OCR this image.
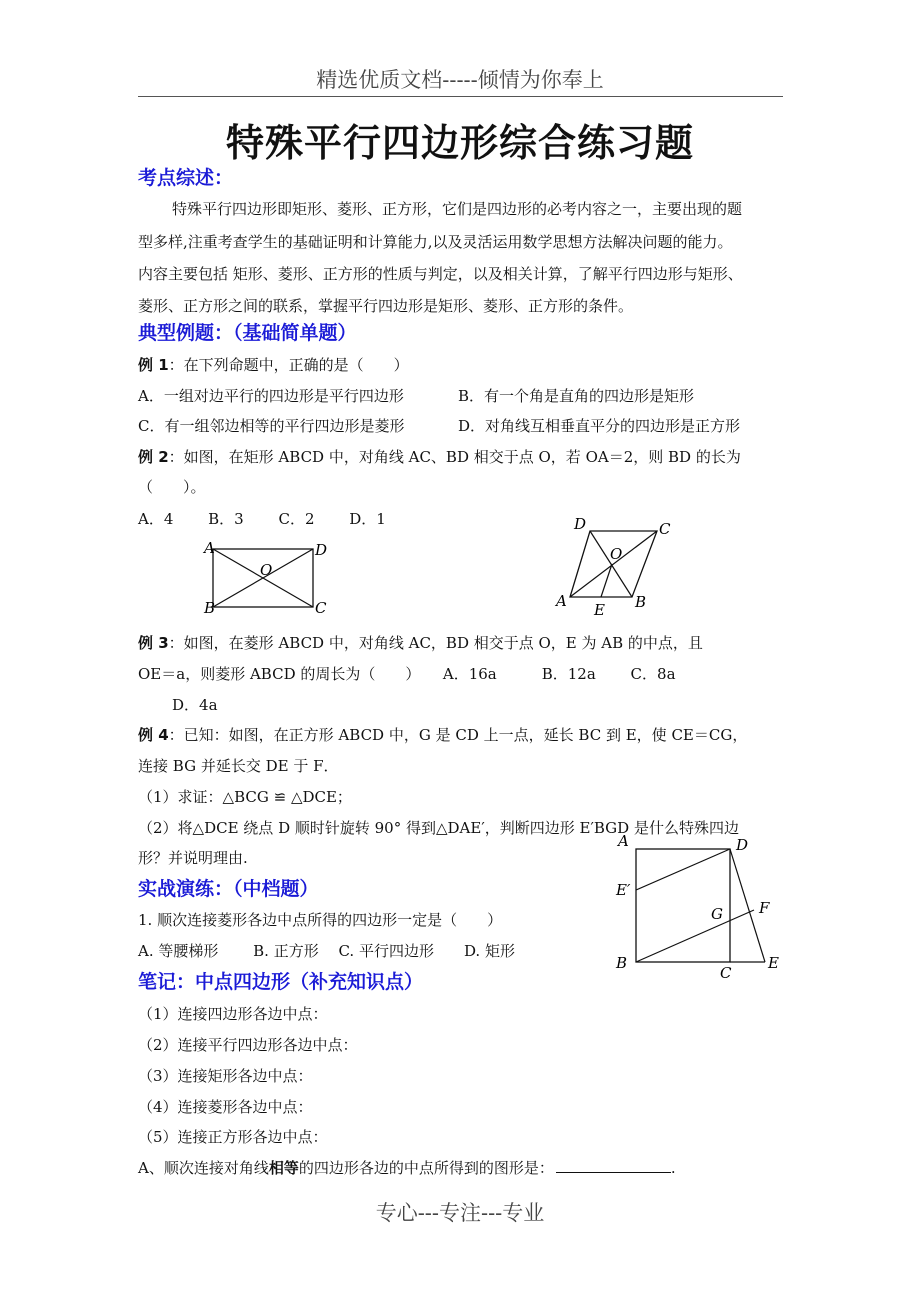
精选优质文档-----倾情为你奉上
特殊平行四边形综合练习题
考点综述：
特殊平行四边形即矩形、菱形、正方形，它们是四边形的必考内容之一，主要出现的题
型多样,注重考查学生的基础证明和计算能力,以及灵活运用数学思想方法解决问题的能力。
内容主要包括 矩形、菱形、正方形的性质与判定，以及相关计算，了解平行四边形与矩形、
菱形、正方形之间的联系，掌握平行四边形是矩形、菱形、正方形的条件。
典型例题：（基础简单题）
例 1：在下列命题中，正确的是（　　）
A．一组对边平行的四边形是平行四边形	B．有一个角是直角的四边形是矩形
C．有一组邻边相等的平行四边形是菱形	D．对角线互相垂直平分的四边形是正方形
例 2：如图，在矩形 ABCD 中，对角线 AC、BD 相交于点 O，若 OA＝2，则 BD 的长为
（　　）。
A．4　　 B．3　　 C．2　　 D．1
A	D
O
B	C
D	C
O
A	B
E
例 3：如图，在菱形 ABCD 中，对角线 AC，BD 相交于点 O，E 为 AB 的中点，且
OE＝a，则菱形 ABCD 的周长为（　　）　　A．16a　　　B．12a　　 C．8a
D．4a
例 4：已知：如图，在正方形 ABCD 中，G 是 CD 上一点，延长 BC 到 E，使 CE＝CG，
连接 BG 并延长交 DE 于 F．
（1）求证：△BCG ≌ △DCE；
（2）将△DCE 绕点 D 顺时针旋转 90° 得到△DAE′，判断四边形 E′BGD 是什么特殊四边
形？并说明理由.
A	D
E′
F
G
B
C
E
实战演练：（中档题）
1. 顺次连接菱形各边中点所得的四边形一定是（　　）
A. 等腰梯形　　 B. 正方形　 C. 平行四边形　　D. 矩形
笔记：中点四边形（补充知识点）
（1）连接四边形各边中点：
（2）连接平行四边形各边中点：
（3）连接矩形各边中点：
（4）连接菱形各边中点：
（5）连接正方形各边中点：
A、顺次连接对角线相等的四边形各边的中点所得到的图形是：	.
专心---专注---专业
